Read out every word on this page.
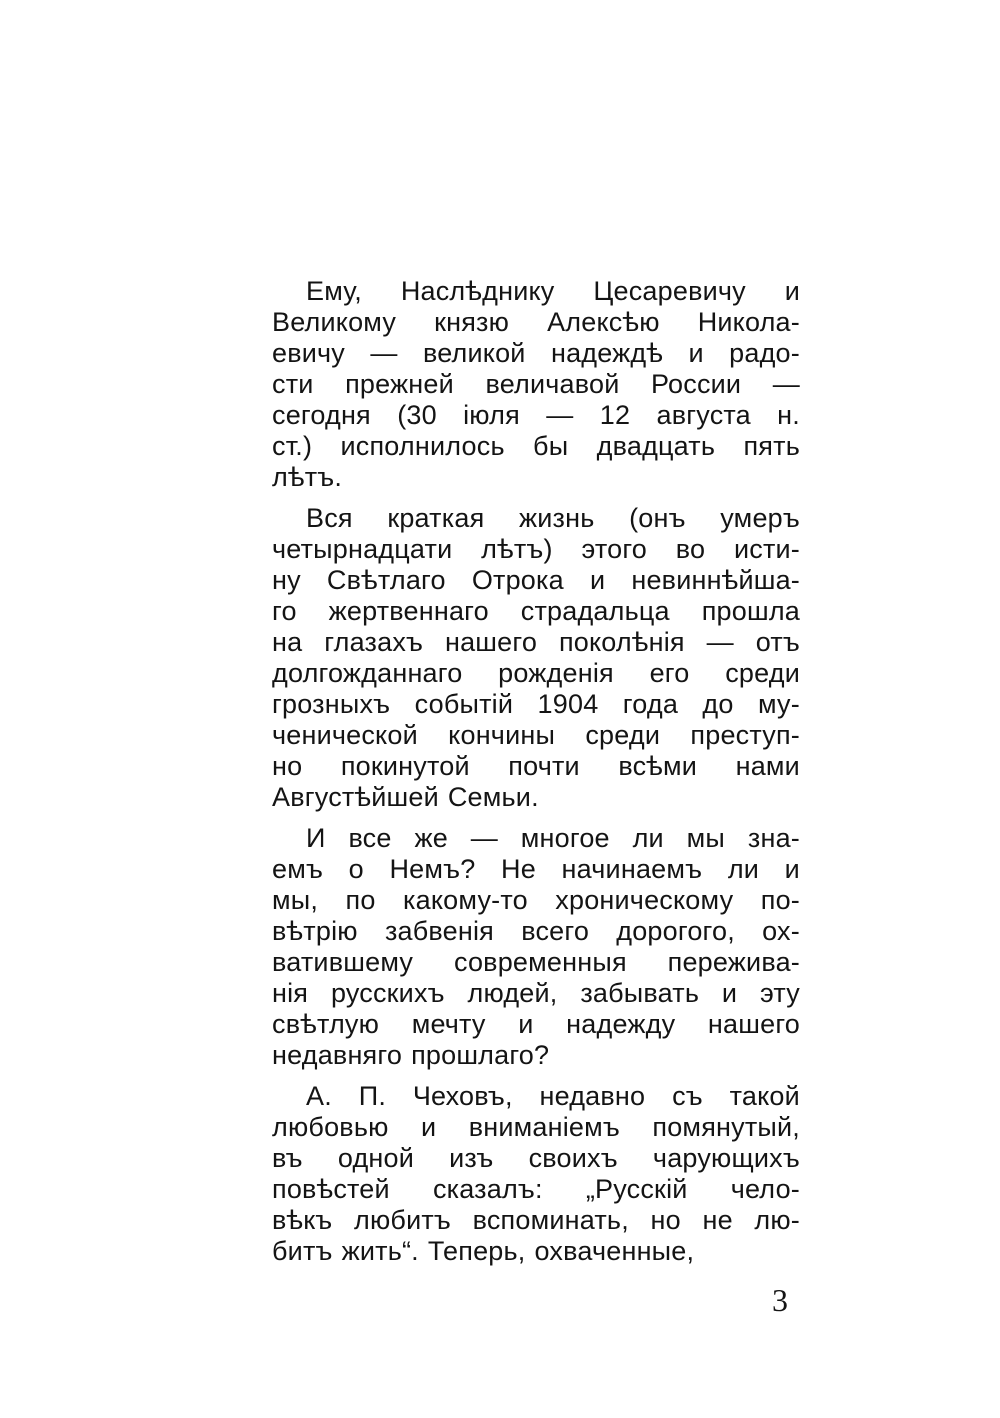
Ему, Наслѣднику Цесаревичу и
Великому князю Алексѣю Никола-
евичу — великой надеждѣ и радо-
сти прежней величавой России —
сегодня (30 іюля — 12 августа н.
ст.) исполнилось бы двадцать пять
лѣтъ.
Вся краткая жизнь (онъ умеръ
четырнадцати лѣтъ) этого во исти-
ну Свѣтлаго Отрока и невиннѣйша-
го жертвеннаго страдальца прошла
на глазахъ нашего поколѣнія — отъ
долгожданнаго рожденія его среди
грозныхъ событій 1904 года до му-
ченической кончины среди преступ-
но покинутой почти всѣми нами
Августѣйшей Семьи.
И все же — многое ли мы зна-
емъ о Немъ? Не начинаемъ ли и
мы, по какому-то хроническому по-
вѣтрію забвенія всего дорогого, ох-
ватившему современныя пережива-
нія русскихъ людей, забывать и эту
свѣтлую мечту и надежду нашего
недавняго прошлаго?
А. П. Чеховъ, недавно съ такой
любовью и вниманіемъ помянутый,
въ одной изъ своихъ чарующихъ
повѣстей сказалъ: „Русскій чело-
вѣкъ любитъ вспоминать, но не лю-
битъ жить“. Теперь, охваченные,
3
